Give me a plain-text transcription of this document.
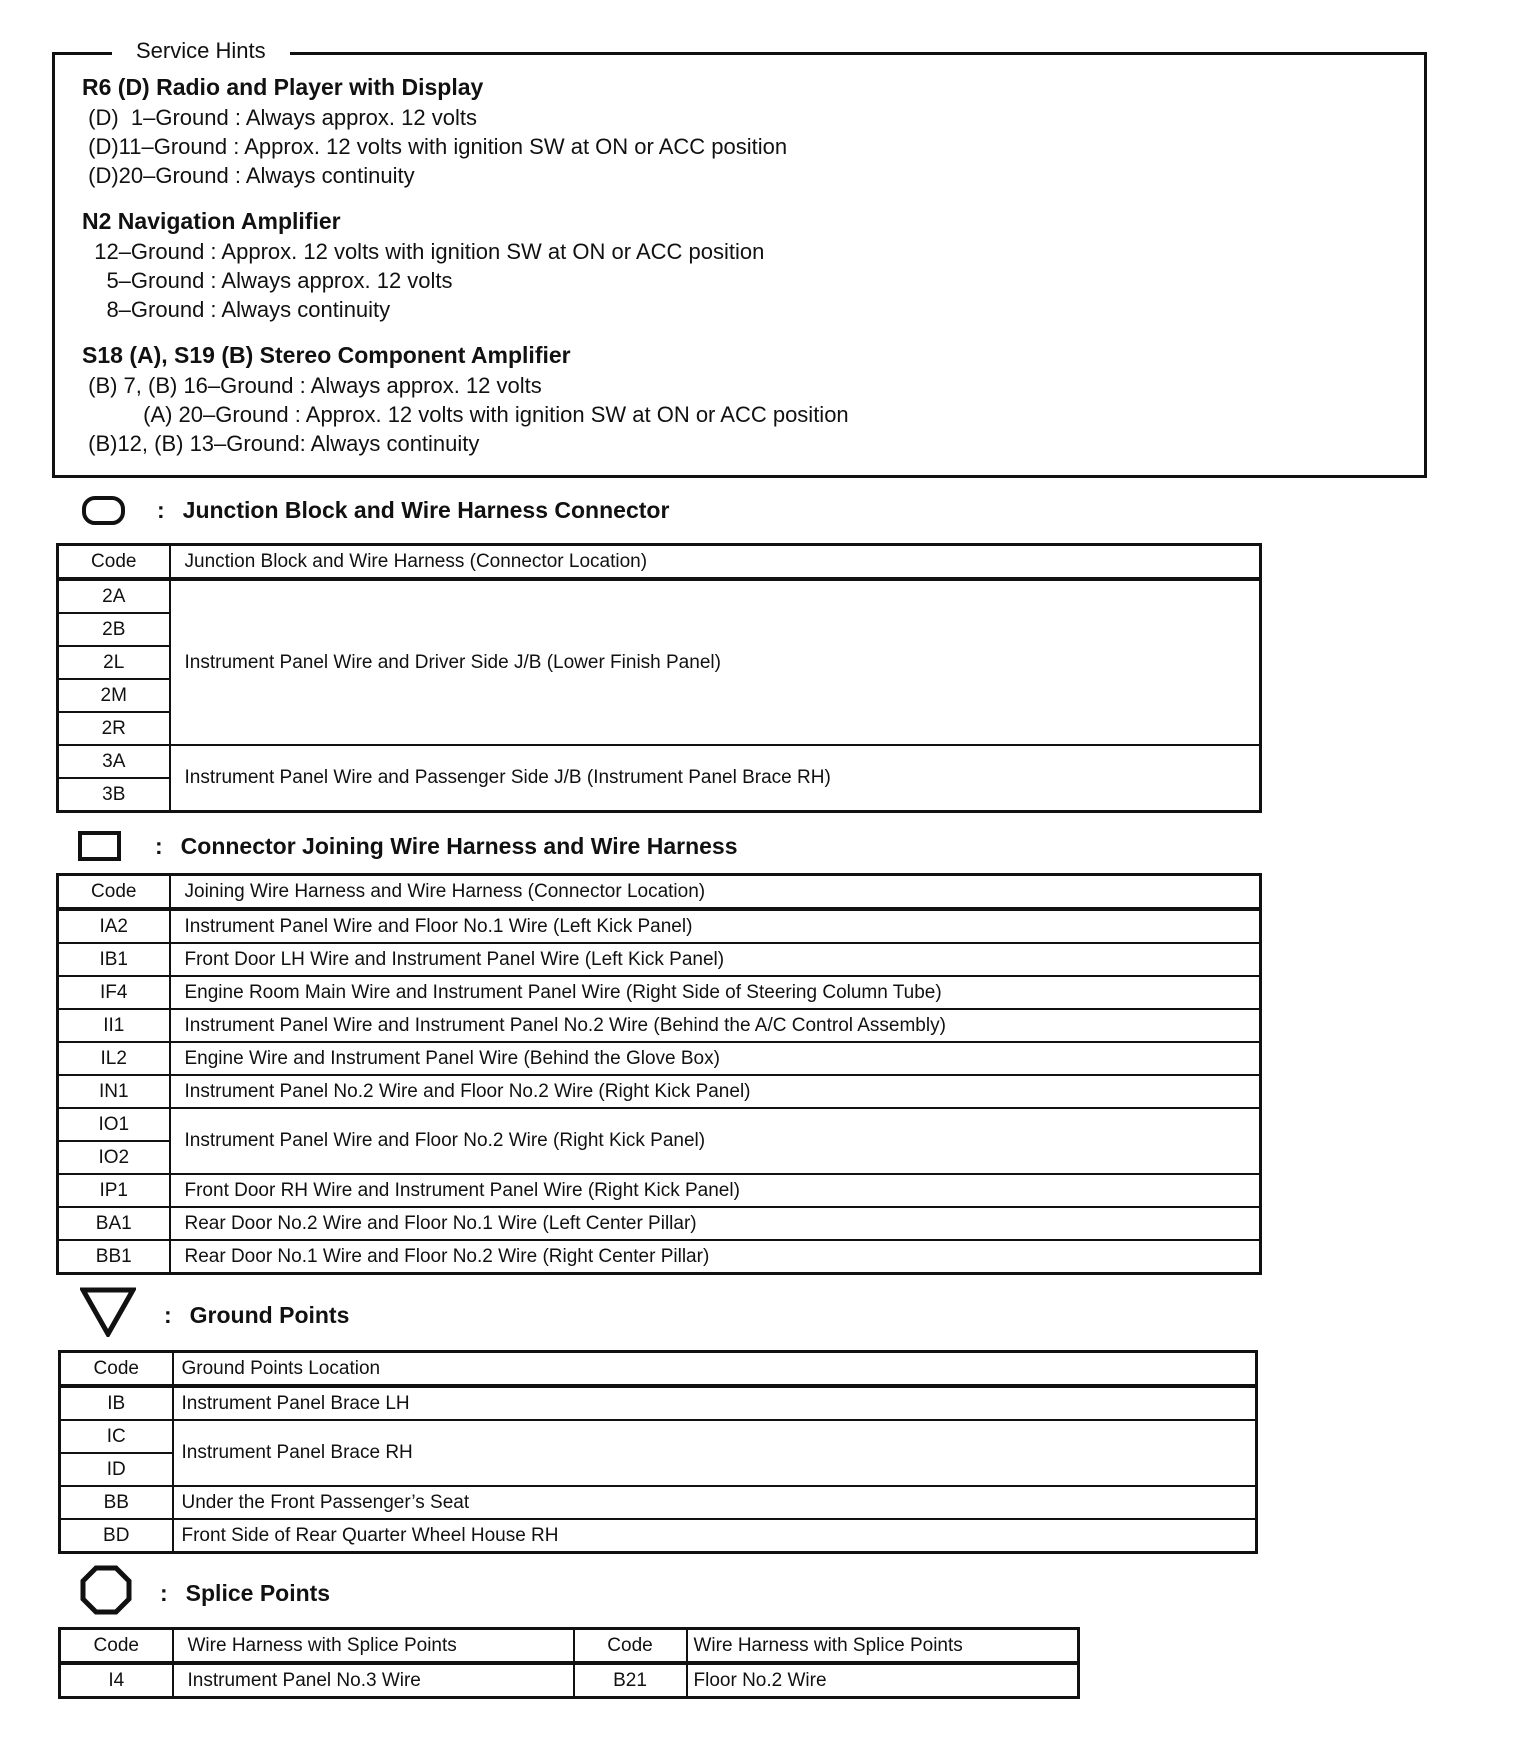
Service Hints
R6 (D) Radio and Player with Display
(D)  1–Ground : Always approx. 12 volts
(D)11–Ground : Approx. 12 volts with ignition SW at ON or ACC position
(D)20–Ground : Always continuity
N2 Navigation Amplifier
12–Ground : Approx. 12 volts with ignition SW at ON or ACC position
5–Ground : Always approx. 12 volts
8–Ground : Always continuity
S18 (A), S19 (B) Stereo Component Amplifier
(B) 7, (B) 16–Ground : Always approx. 12 volts
(A) 20–Ground : Approx. 12 volts with ignition SW at ON or ACC position
(B)12, (B) 13–Ground: Always continuity
: Junction Block and Wire Harness Connector
Code	Junction Block and Wire Harness (Connector Location)
2A	Instrument Panel Wire and Driver Side J/B (Lower Finish Panel)
2B	
2L	
2M	
2R	
3A	Instrument Panel Wire and Passenger Side J/B (Instrument Panel Brace RH)
3B	
: Connector Joining Wire Harness and Wire Harness
Code	Joining Wire Harness and Wire Harness (Connector Location)
IA2	Instrument Panel Wire and Floor No.1 Wire (Left Kick Panel)
IB1	Front Door LH Wire and Instrument Panel Wire (Left Kick Panel)
IF4	Engine Room Main Wire and Instrument Panel Wire (Right Side of Steering Column Tube)
II1	Instrument Panel Wire and Instrument Panel No.2 Wire (Behind the A/C Control Assembly)
IL2	Engine Wire and Instrument Panel Wire (Behind the Glove Box)
IN1	Instrument Panel No.2 Wire and Floor No.2 Wire (Right Kick Panel)
IO1	Instrument Panel Wire and Floor No.2 Wire (Right Kick Panel)
IO2	
IP1	Front Door RH Wire and Instrument Panel Wire (Right Kick Panel)
BA1	Rear Door No.2 Wire and Floor No.1 Wire (Left Center Pillar)
BB1	Rear Door No.1 Wire and Floor No.2 Wire (Right Center Pillar)
: Ground Points
Code	Ground Points Location
IB	Instrument Panel Brace LH
IC	Instrument Panel Brace RH
ID	
BB	Under the Front Passenger’s Seat
BD	Front Side of Rear Quarter Wheel House RH
: Splice Points
Code	Wire Harness with Splice Points	Code	Wire Harness with Splice Points
I4	Instrument Panel No.3 Wire	B21	Floor No.2 Wire
